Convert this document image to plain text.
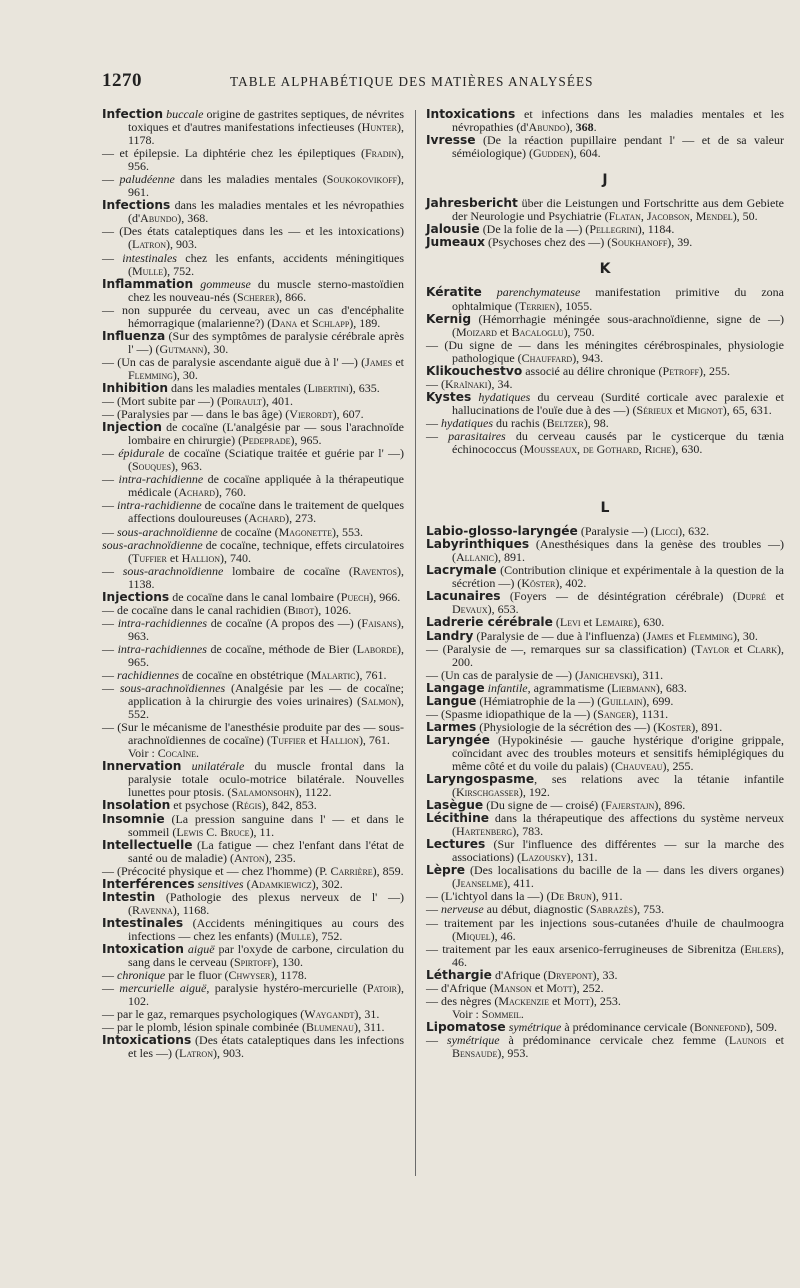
1270	TABLE ALPHABÉTIQUE DES MATIÈRES ANALYSÉES

Infection buccale origine de gastrites septiques, de névrites toxiques et d'autres manifestations infectieuses (Hunter), 1178.

— et épilepsie. La diphtérie chez les épileptiques (Fradin), 956.

— paludéenne dans les maladies mentales (Soukokovikoff), 961.

Infections dans les maladies mentales et les névropathies (d'Abundo), 368.

— (Des états cataleptiques dans les — et les intoxications) (Latron), 903.

— intestinales chez les enfants, accidents méningitiques (Mulle), 752.

Inflammation gommeuse du muscle sterno-mastoïdien chez les nouveau-nés (Scherer), 866.

— non suppurée du cerveau, avec un cas d'encéphalite hémorragique (malarienne?) (Dana et Schlapp), 189.

Influenza (Sur des symptômes de paralysie cérébrale après l' —) (Gutmann), 30.

— (Un cas de paralysie ascendante aiguë due à l' —) (James et Flemming), 30.

Inhibition dans les maladies mentales (Libertini), 635.

— (Mort subite par —) (Poirault), 401.

— (Paralysies par — dans le bas âge) (Vierordt), 607.

Injection de cocaïne (L'analgésie par — sous l'arachnoïde lombaire en chirurgie) (Pedeprade), 965.

— épidurale de cocaïne (Sciatique traitée et guérie par l' —) (Souques), 963.

— intra-rachidienne de cocaïne appliquée à la thérapeutique médicale (Achard), 760.

— intra-rachidienne de cocaïne dans le traitement de quelques affections douloureuses (Achard), 273.

— sous-arachnoïdienne de cocaïne (Magonette), 553.

sous-arachnoïdienne de cocaïne, technique, effets circulatoires (Tuffier et Hallion), 740.

— sous-arachnoïdienne lombaire de cocaïne (Raventos), 1138.

Injections de cocaïne dans le canal lombaire (Puech), 966.

— de cocaïne dans le canal rachidien (Bibot), 1026.

— intra-rachidiennes de cocaïne (A propos des —) (Faisans), 963.

— intra-rachidiennes de cocaïne, méthode de Bier (Laborde), 965.

— rachidiennes de cocaïne en obstétrique (Malartic), 761.

— sous-arachnoïdiennes (Analgésie par les — de cocaïne; application à la chirurgie des voies urinaires) (Salmon), 552.

— (Sur le mécanisme de l'anesthésie produite par des — sous-arachnoïdiennes de cocaïne) (Tuffier et Hallion), 761.

Voir : Cocaïne.

Innervation unilatérale du muscle frontal dans la paralysie totale oculo-motrice bilatérale. Nouvelles lunettes pour ptosis. (Salamonsohn), 1122.

Insolation et psychose (Régis), 842, 853.

Insomnie (La pression sanguine dans l' — et dans le sommeil (Lewis C. Bruce), 11.

Intellectuelle (La fatigue — chez l'enfant dans l'état de santé ou de maladie) (Anton), 235.

— (Précocité physique et — chez l'homme) (P. Carrière), 859.

Interférences sensitives (Adamkiewicz), 302.

Intestin (Pathologie des plexus nerveux de l' —) (Ravenna), 1168.

Intestinales (Accidents méningitiques au cours des infections — chez les enfants) (Mulle), 752.

Intoxication aiguë par l'oxyde de carbone, circulation du sang dans le cerveau (Spirtoff), 130.

— chronique par le fluor (Chwyser), 1178.

— mercurielle aiguë, paralysie hystéro-mercurielle (Patoir), 102.

— par le gaz, remarques psychologiques (Waygandt), 31.

— par le plomb, lésion spinale combinée (Blumenau), 311.

Intoxications (Des états cataleptiques dans les infections et les —) (Latron), 903.

Intoxications et infections dans les maladies mentales et les névropathies (d'Abundo), 368.

Ivresse (De la réaction pupillaire pendant l' — et de sa valeur séméiologique) (Gudden), 604.

J

Jahresbericht über die Leistungen und Fortschritte aus dem Gebiete der Neurologie und Psychiatrie (Flatan, Jacobson, Mendel), 50.

Jalousie (De la folie de la —) (Pellegrini), 1184.

Jumeaux (Psychoses chez des —) (Soukhanoff), 39.

K

Kératite parenchymateuse manifestation primitive du zona ophtalmique (Terrien), 1055.

Kernig (Hémorrhagie méningée sous-arachnoïdienne, signe de —) (Moizard et Bacaloglu), 750.

— (Du signe de — dans les méningites cérébrospinales, physiologie pathologique (Chauffard), 943.

Klikouchestvo associé au délire chronique (Petroff), 255.

— (Kraïnaki), 34.

Kystes hydatiques du cerveau (Surdité corticale avec paralexie et hallucinations de l'ouïe due à des —) (Sérieux et Mignot), 65, 631.

— hydatiques du rachis (Beltzer), 98.

— parasitaires du cerveau causés par le cysticerque du tænia échinococcus (Mousseaux, de Gothard, Riche), 630.

L

Labio-glosso-laryngée (Paralysie —) (Licci), 632.

Labyrinthiques (Anesthésiques dans la genèse des troubles —) (Allanic), 891.

Lacrymale (Contribution clinique et expérimentale à la question de la sécrétion —) (Köster), 402.

Lacunaires (Foyers — de désintégration cérébrale) (Dupré et Devaux), 653.

Ladrerie cérébrale (Levi et Lemaire), 630.

Landry (Paralysie de — due à l'influenza) (James et Flemming), 30.

— (Paralysie de —, remarques sur sa classification) (Taylor et Clark), 200.

— (Un cas de paralysie de —) (Janichevski), 311.

Langage infantile, agrammatisme (Liebmann), 683.

Langue (Hémiatrophie de la —) (Guillain), 699.

— (Spasme idiopathique de la —) (Sanger), 1131.

Larmes (Physiologie de la sécrétion des —) (Koster), 891.

Laryngée (Hypokinésie — gauche hystérique d'origine grippale, coïncidant avec des troubles moteurs et sensitifs hémiplégiques du même côté et du voile du palais) (Chauveau), 255.

Laryngospasme, ses relations avec la tétanie infantile (Kirschgasser), 192.

Lasègue (Du signe de — croisé) (Fajerstajn), 896.

Lécithine dans la thérapeutique des affections du système nerveux (Hartenberg), 783.

Lectures (Sur l'influence des différentes — sur la marche des associations) (Lazousky), 131.

Lèpre (Des localisations du bacille de la — dans les divers organes) (Jeanselme), 411.

— (L'ichtyol dans la —) (De Brun), 911.

— nerveuse au début, diagnostic (Sabrazès), 753.

— traitement par les injections sous-cutanées d'huile de chaulmoogra (Miquel), 46.

— traitement par les eaux arsenico-ferrugineuses de Sibrenitza (Ehlers), 46.

Léthargie d'Afrique (Dryepont), 33.

— d'Afrique (Manson et Mott), 252.

— des nègres (Mackenzie et Mott), 253.

Voir : Sommeil.

Lipomatose symétrique à prédominance cervicale (Bonnefond), 509.

— symétrique à prédominance cervicale chez femme (Launois et Bensaude), 953.
